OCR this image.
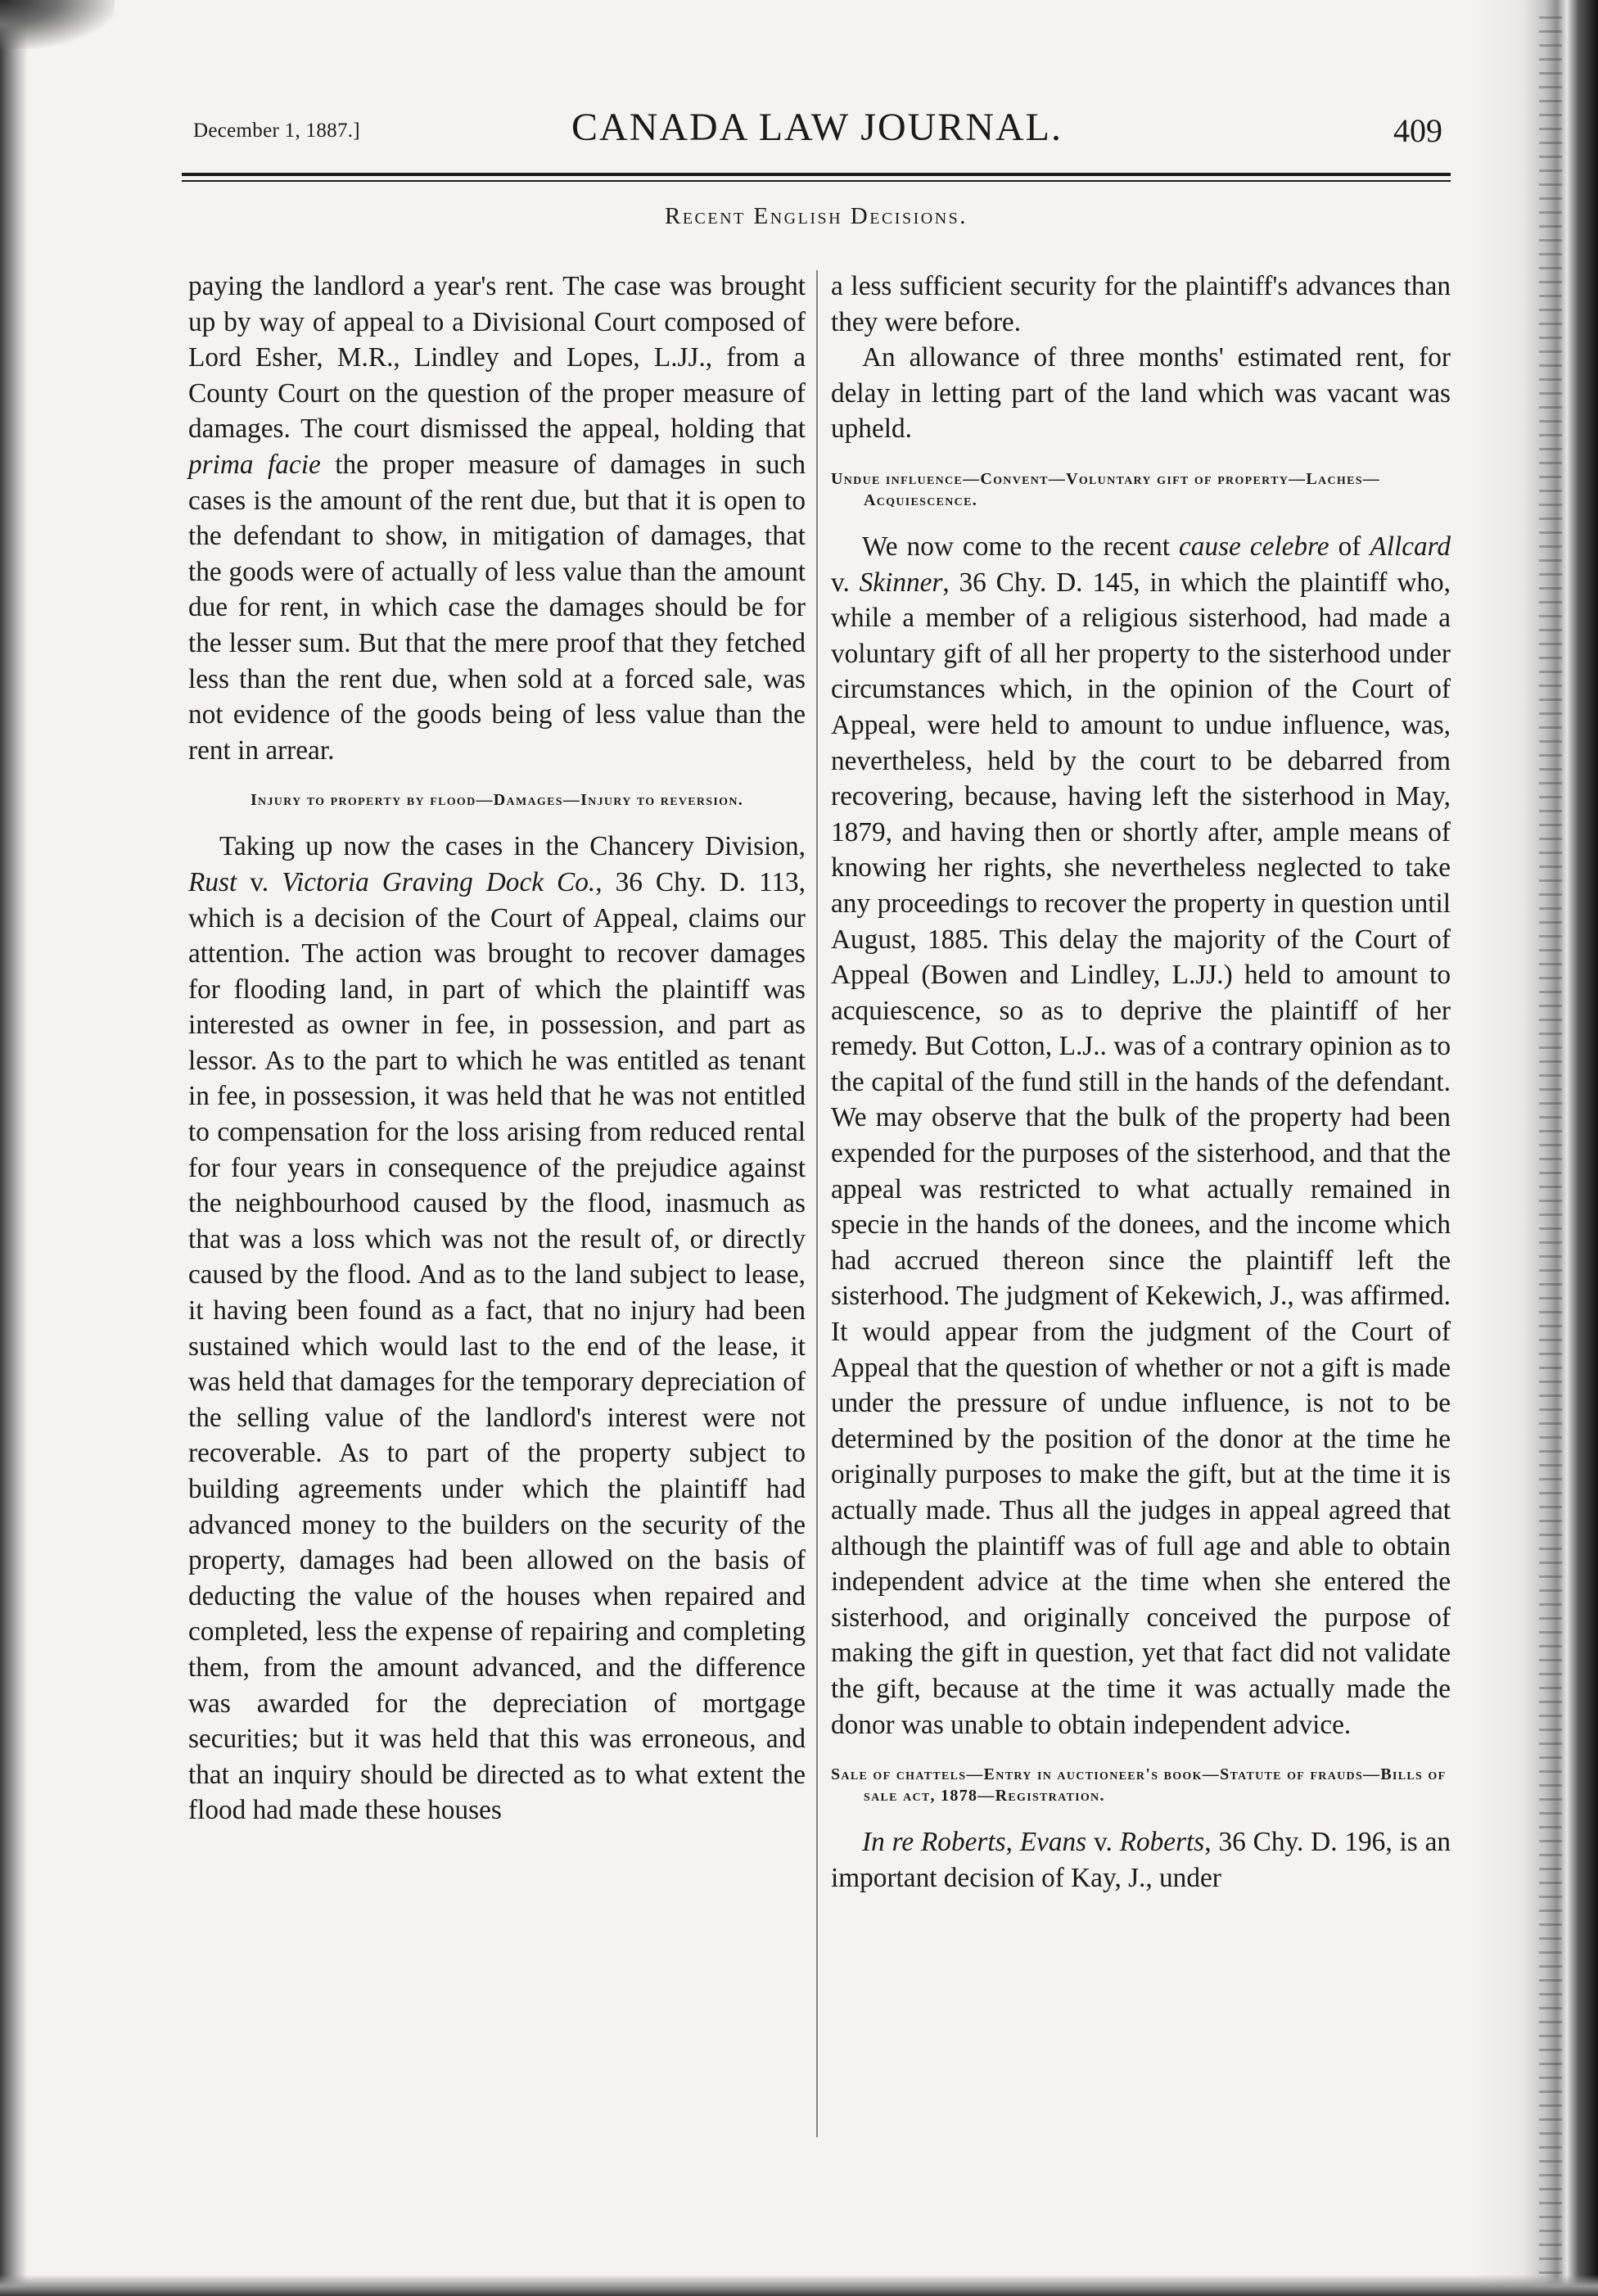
December 1, 1887.]	CANADA LAW JOURNAL.	409
Recent English Decisions.

paying the landlord a year's rent. The case was brought up by way of appeal to a Divisional Court composed of Lord Esher, M.R., Lindley and Lopes, L.JJ., from a County Court on the question of the proper measure of damages. The court dismissed the appeal, holding that prima facie the proper measure of damages in such cases is the amount of the rent due, but that it is open to the defendant to show, in mitigation of damages, that the goods were of actually of less value than the amount due for rent, in which case the damages should be for the lesser sum. But that the mere proof that they fetched less than the rent due, when sold at a forced sale, was not evidence of the goods being of less value than the rent in arrear.

Injury to property by flood—Damages—Injury to reversion.

Taking up now the cases in the Chancery Division, Rust v. Victoria Graving Dock Co., 36 Chy. D. 113, which is a decision of the Court of Appeal, claims our attention. The action was brought to recover damages for flooding land, in part of which the plaintiff was interested as owner in fee, in possession, and part as lessor. As to the part to which he was entitled as tenant in fee, in possession, it was held that he was not entitled to compensation for the loss arising from reduced rental for four years in consequence of the prejudice against the neighbourhood caused by the flood, inasmuch as that was a loss which was not the result of, or directly caused by the flood. And as to the land subject to lease, it having been found as a fact, that no injury had been sustained which would last to the end of the lease, it was held that damages for the temporary depreciation of the selling value of the landlord's interest were not recoverable. As to part of the property subject to building agreements under which the plaintiff had advanced money to the builders on the security of the property, damages had been allowed on the basis of deducting the value of the houses when repaired and completed, less the expense of repairing and completing them, from the amount advanced, and the difference was awarded for the depreciation of mortgage securities; but it was held that this was erroneous, and that an inquiry should be directed as to what extent the flood had made these houses

a less sufficient security for the plaintiff's advances than they were before.

An allowance of three months' estimated rent, for delay in letting part of the land which was vacant was upheld.

Undue influence—Convent—Voluntary gift of property—Laches—Acquiescence.

We now come to the recent cause celebre of Allcard v. Skinner, 36 Chy. D. 145, in which the plaintiff who, while a member of a religious sisterhood, had made a voluntary gift of all her property to the sisterhood under circumstances which, in the opinion of the Court of Appeal, were held to amount to undue influence, was, nevertheless, held by the court to be debarred from recovering, because, having left the sisterhood in May, 1879, and having then or shortly after, ample means of knowing her rights, she nevertheless neglected to take any proceedings to recover the property in question until August, 1885. This delay the majority of the Court of Appeal (Bowen and Lindley, L.JJ.) held to amount to acquiescence, so as to deprive the plaintiff of her remedy. But Cotton, L.J.. was of a contrary opinion as to the capital of the fund still in the hands of the defendant. We may observe that the bulk of the property had been expended for the purposes of the sisterhood, and that the appeal was restricted to what actually remained in specie in the hands of the donees, and the income which had accrued thereon since the plaintiff left the sisterhood. The judgment of Kekewich, J., was affirmed. It would appear from the judgment of the Court of Appeal that the question of whether or not a gift is made under the pressure of undue influence, is not to be determined by the position of the donor at the time he originally purposes to make the gift, but at the time it is actually made. Thus all the judges in appeal agreed that although the plaintiff was of full age and able to obtain independent advice at the time when she entered the sisterhood, and originally conceived the purpose of making the gift in question, yet that fact did not validate the gift, because at the time it was actually made the donor was unable to obtain independent advice.

Sale of chattels—Entry in auctioneer's book—Statute of frauds—Bills of sale act, 1878—Registration.

In re Roberts, Evans v. Roberts, 36 Chy. D. 196, is an important decision of Kay, J., under
